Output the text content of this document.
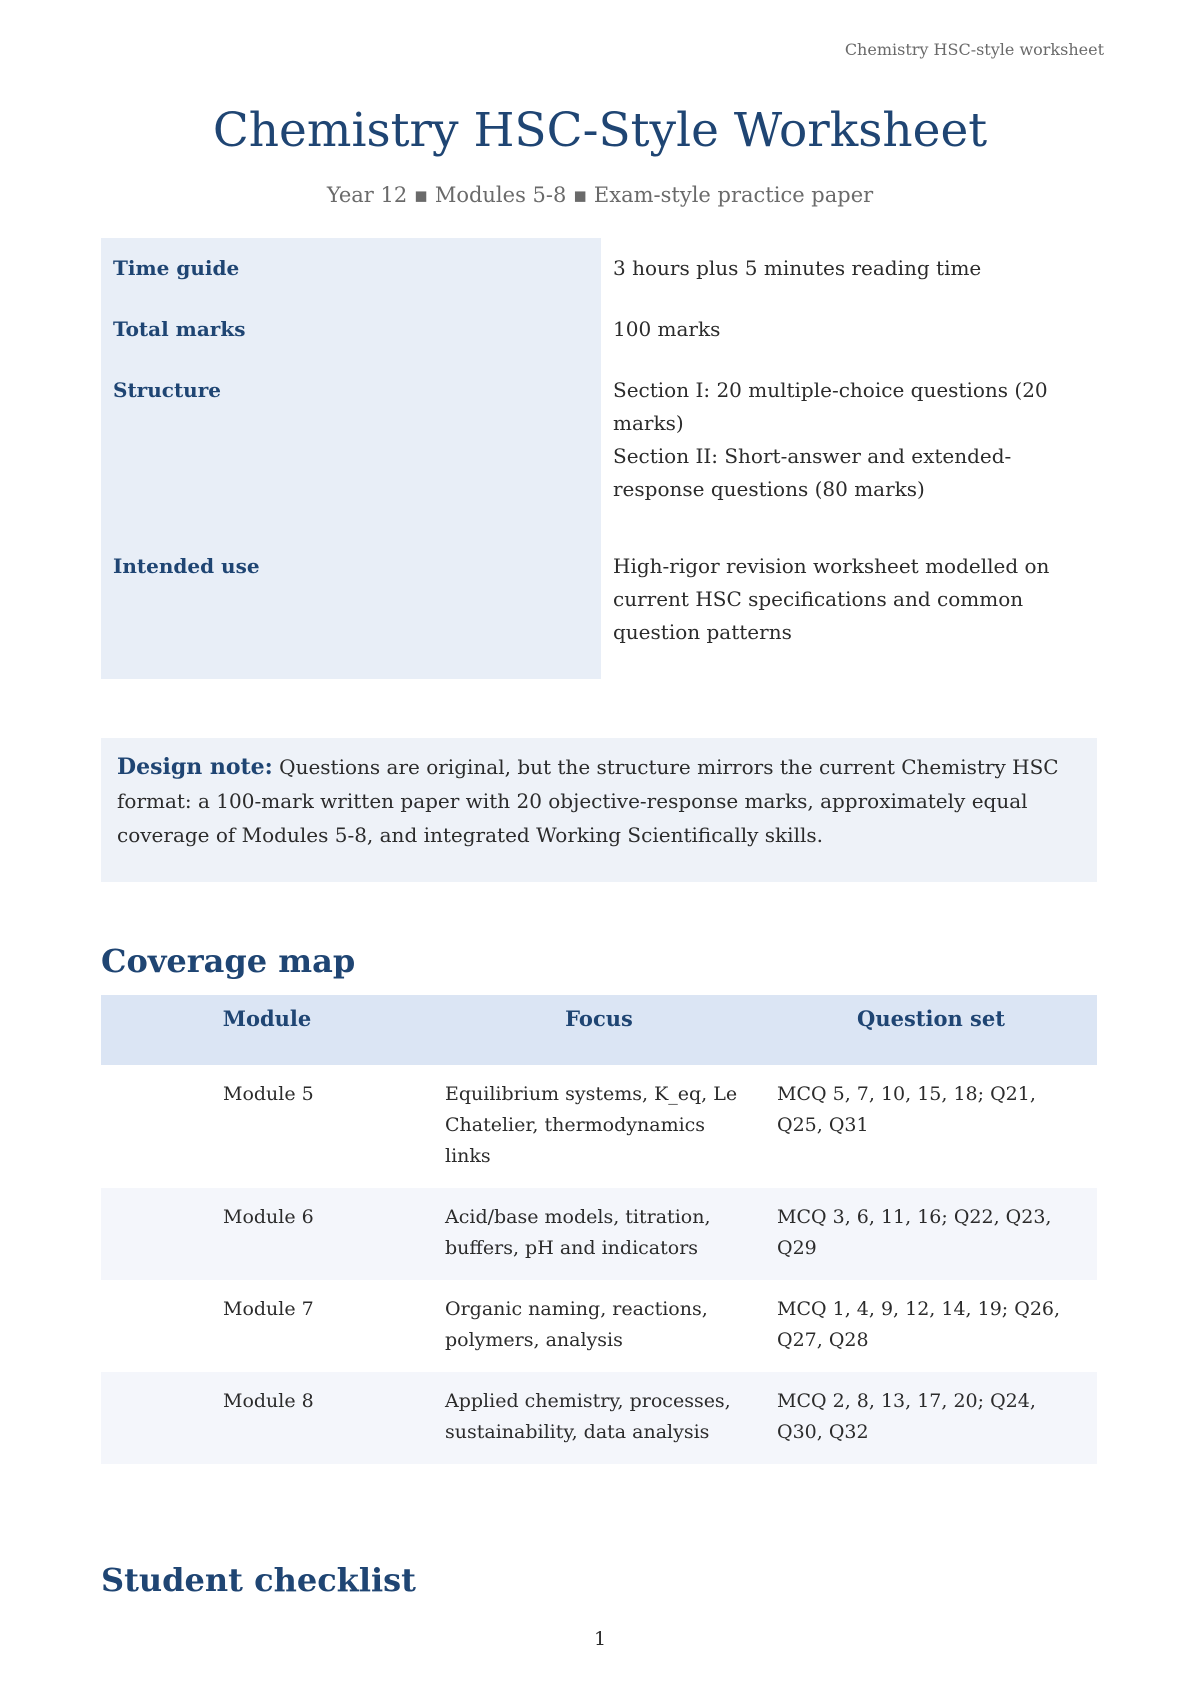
Chemistry HSC-style worksheet
Chemistry HSC-Style Worksheet
Year 12 ▪ Modules 5-8 ▪ Exam-style practice paper
Time guide	3 hours plus 5 minutes reading time
Total marks	100 marks
Structure	Section I: 20 multiple-choice questions (20 marks)
Section II: Short-answer and extended-response questions (80 marks)

Intended use	High-rigor revision worksheet modelled on current HSC specifications and common question patterns
Design note: Questions are original, but the structure mirrors the current Chemistry HSC format: a 100-mark written paper with 20 objective-response marks, approximately equal coverage of Modules 5-8, and integrated Working Scientifically skills.
Coverage map
Module	Focus	Question set
Module 5	Equilibrium systems, K_eq, Le Chatelier, thermodynamics links	MCQ 5, 7, 10, 15, 18; Q21, Q25, Q31
Module 6	Acid/base models, titration, buffers, pH and indicators	MCQ 3, 6, 11, 16; Q22, Q23, Q29
Module 7	Organic naming, reactions, polymers, analysis	MCQ 1, 4, 9, 12, 14, 19; Q26, Q27, Q28
Module 8	Applied chemistry, processes, sustainability, data analysis	MCQ 2, 8, 13, 17, 20; Q24, Q30, Q32
Student checklist
1
